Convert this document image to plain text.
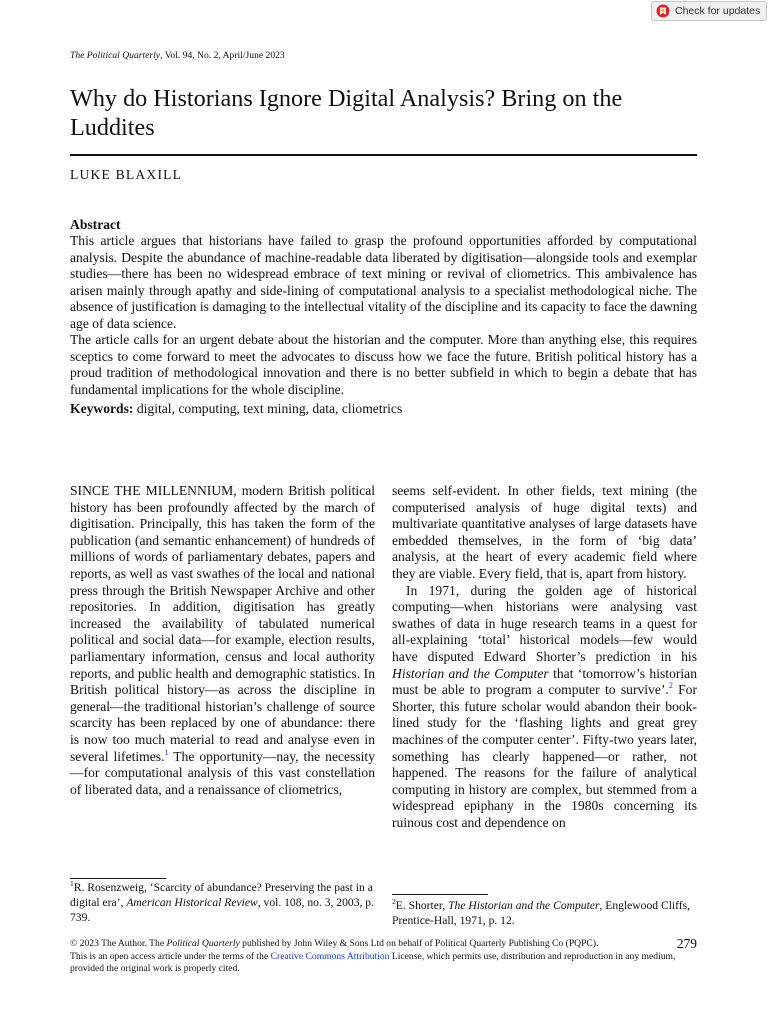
Check for updates
The Political Quarterly, Vol. 94, No. 2, April/June 2023
Why do Historians Ignore Digital Analysis? Bring on the Luddites
LUKE BLAXILL
Abstract

This article argues that historians have failed to grasp the profound opportunities afforded by computational analysis. Despite the abundance of machine-readable data liberated by digitisation—alongside tools and exemplar studies—there has been no widespread embrace of text mining or revival of cliometrics. This ambivalence has arisen mainly through apathy and side-lining of computational analysis to a specialist methodological niche. The absence of justification is damaging to the intellectual vitality of the discipline and its capacity to face the dawning age of data science.

The article calls for an urgent debate about the historian and the computer. More than anything else, this requires sceptics to come forward to meet the advocates to discuss how we face the future. British political history has a proud tradition of methodological innovation and there is no better subfield in which to begin a debate that has fundamental implications for the whole discipline.

Keywords: digital, computing, text mining, data, cliometrics

SINCE THE MILLENNIUM, modern British political history has been profoundly affected by the march of digitisation. Principally, this has taken the form of the publication (and semantic enhancement) of hundreds of millions of words of parliamentary debates, papers and reports, as well as vast swathes of the local and national press through the British Newspaper Archive and other repositories. In addition, digitisation has greatly increased the availability of tabulated numerical political and social data—for example, election results, parliamentary information, census and local authority reports, and public health and demographic statistics. In British political history—as across the discipline in general—the traditional historian’s challenge of source scarcity has been replaced by one of abundance: there is now too much material to read and analyse even in several lifetimes.$^1$ The opportunity—nay, the necessity—for computational analysis of this vast constellation of liberated data, and a renaissance of cliometrics,

seems self-evident. In other fields, text mining (the computerised analysis of huge digital texts) and multivariate quantitative analyses of large datasets have embedded themselves, in the form of ‘big data’ analysis, at the heart of every academic field where they are viable. Every field, that is, apart from history.

In 1971, during the golden age of historical computing—when historians were analysing vast swathes of data in huge research teams in a quest for all-explaining ‘total’ historical models—few would have disputed Edward Shorter’s prediction in his Historian and the Computer that ‘tomorrow’s historian must be able to program a computer to survive’.$^2$ For Shorter, this future scholar would abandon their book-lined study for the ‘flashing lights and great grey machines of the computer center’. Fifty-two years later, something has clearly happened—or rather, not happened. The reasons for the failure of analytical computing in history are complex, but stemmed from a widespread epiphany in the 1980s concerning its ruinous cost and dependence on

$^1$R. Rosenzweig, ‘Scarcity of abundance? Preserving the past in a digital era’, American Historical Review, vol. 108, no. 3, 2003, p. 739.
$^2$E. Shorter, The Historian and the Computer, Englewood Cliffs, Prentice-Hall, 1971, p. 12.
© 2023 The Author. The Political Quarterly published by John Wiley & Sons Ltd on behalf of Political Quarterly Publishing Co (PQPC).
This is an open access article under the terms of the Creative Commons Attribution License, which permits use, distribution and reproduction in any medium, provided the original work is properly cited.
279
